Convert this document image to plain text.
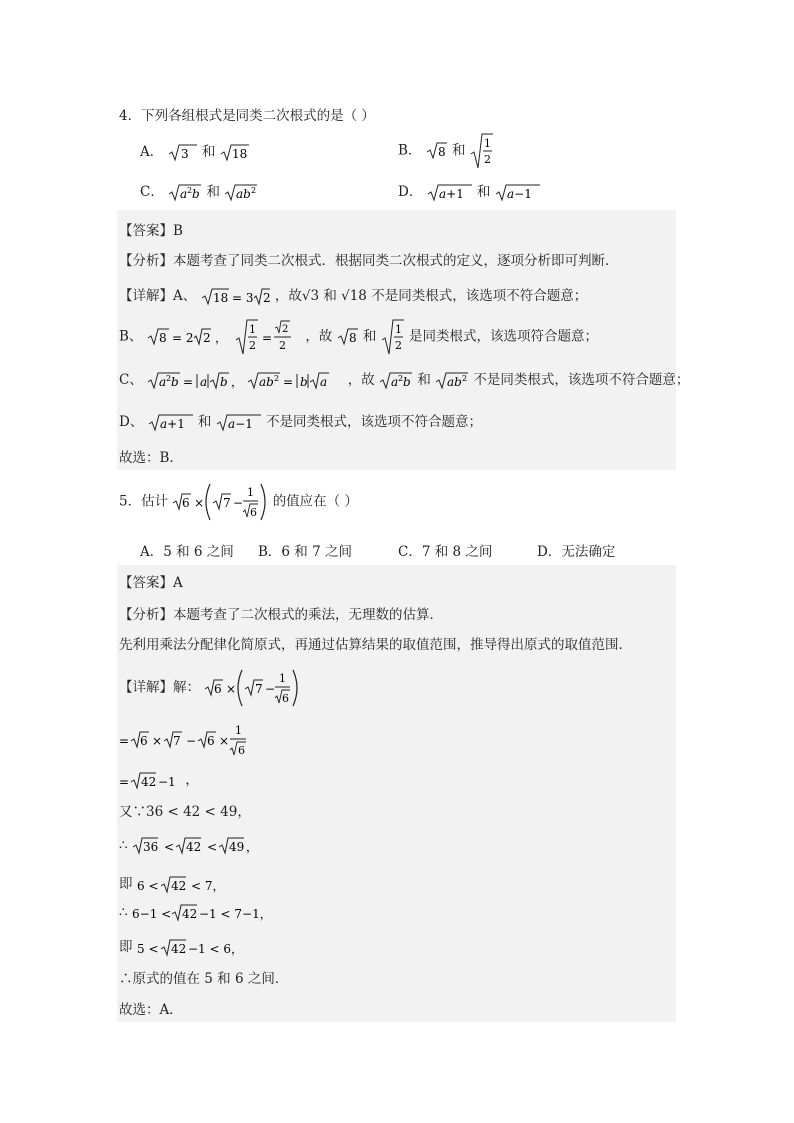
4．下列各组根式是同类二次根式的是（ ）
A． 3 和 18	B． 8 和 1
2
C． a 2 b 和 ab 2	D． a+1 和 a−1
【答案】B
【分析】本题考查了同类二次根式．根据同类二次根式的定义，逐项分析即可判断．
【详解】A、 18 = 3 2 ，故√3 和 √18 不是同类根式，该选项不符合题意；
B、 8 = 2 2 ，

1
2
=
2
2
，故 8 和 1
2
是同类根式，该选项符合题意；
C、 a 2 b = a b ，
ab 2 = b a ，故 a 2 b 和 ab 2 不是同类根式，该选项不符合题意；
D、 a+1 和 a−1 不是同类根式，该选项不符合题意；
故选：B．
5．估计 6 × 7 −
1
6
的值应在（ ）
A．5 和 6 之间 B．6 和 7 之间	C．7 和 8 之间	D．无法确定
【答案】A
【分析】本题考查了二次根式的乘法，无理数的估算．
先利用乘法分配律化简原式，再通过估算结果的取值范围，推导得出原式的取值范围．
【详解】解： 6 × 7 −
1
6
= 6 × 7 − 6 ×
1
6
= 42 −1 ，
又∵36 < 42 < 49，
∴ 36 < 42 < 49 ，
即 6 < 42 < 7，
∴ 6−1 < 42 −1 < 7−1，
即 5 < 42 −1 < 6，
∴原式的值在 5 和 6 之间．
故选：A．
